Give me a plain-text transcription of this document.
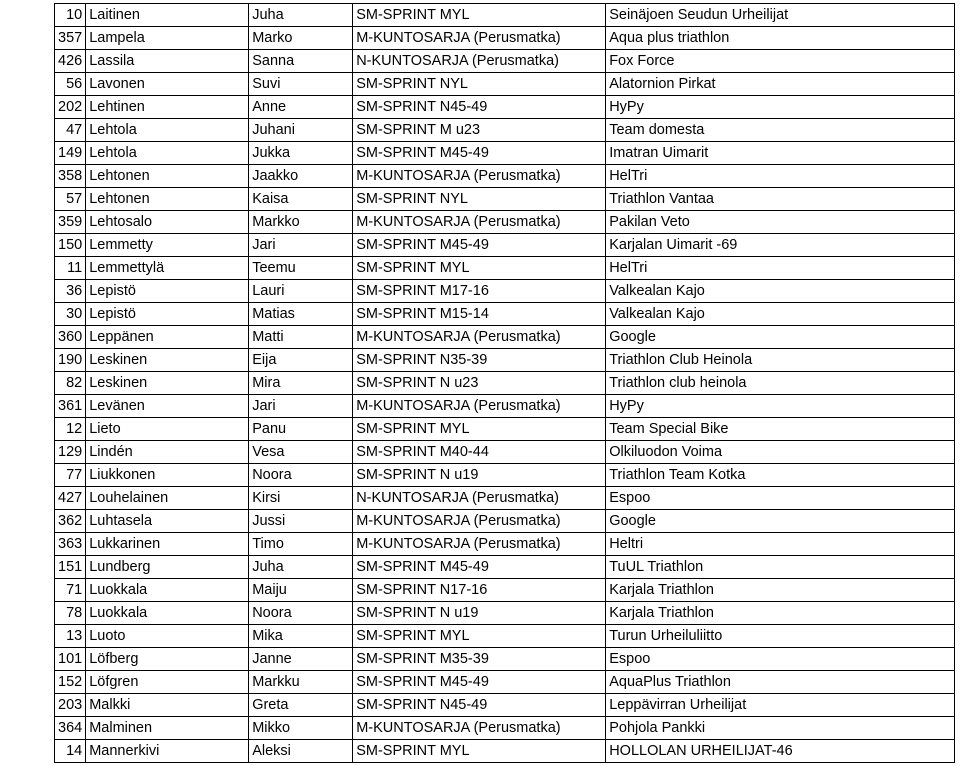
10	Laitinen	Juha	SM-SPRINT MYL	Seinäjoen Seudun Urheilijat
357	Lampela	Marko	M-KUNTOSARJA (Perusmatka)	Aqua plus triathlon
426	Lassila	Sanna	N-KUNTOSARJA (Perusmatka)	Fox Force
56	Lavonen	Suvi	SM-SPRINT NYL	Alatornion Pirkat
202	Lehtinen	Anne	SM-SPRINT N45-49	HyPy
47	Lehtola	Juhani	SM-SPRINT M u23	Team domesta
149	Lehtola	Jukka	SM-SPRINT M45-49	Imatran Uimarit
358	Lehtonen	Jaakko	M-KUNTOSARJA (Perusmatka)	HelTri
57	Lehtonen	Kaisa	SM-SPRINT NYL	Triathlon Vantaa
359	Lehtosalo	Markko	M-KUNTOSARJA (Perusmatka)	Pakilan Veto
150	Lemmetty	Jari	SM-SPRINT M45-49	Karjalan Uimarit -69
11	Lemmettylä	Teemu	SM-SPRINT MYL	HelTri
36	Lepistö	Lauri	SM-SPRINT M17-16	Valkealan Kajo
30	Lepistö	Matias	SM-SPRINT M15-14	Valkealan Kajo
360	Leppänen	Matti	M-KUNTOSARJA (Perusmatka)	Google
190	Leskinen	Eija	SM-SPRINT N35-39	Triathlon Club Heinola
82	Leskinen	Mira	SM-SPRINT N u23	Triathlon club heinola
361	Levänen	Jari	M-KUNTOSARJA (Perusmatka)	HyPy
12	Lieto	Panu	SM-SPRINT MYL	Team Special Bike
129	Lindén	Vesa	SM-SPRINT M40-44	Olkiluodon Voima
77	Liukkonen	Noora	SM-SPRINT N u19	Triathlon Team Kotka
427	Louhelainen	Kirsi	N-KUNTOSARJA (Perusmatka)	Espoo
362	Luhtasela	Jussi	M-KUNTOSARJA (Perusmatka)	Google
363	Lukkarinen	Timo	M-KUNTOSARJA (Perusmatka)	Heltri
151	Lundberg	Juha	SM-SPRINT M45-49	TuUL Triathlon
71	Luokkala	Maiju	SM-SPRINT N17-16	Karjala Triathlon
78	Luokkala	Noora	SM-SPRINT N u19	Karjala Triathlon
13	Luoto	Mika	SM-SPRINT MYL	Turun Urheiluliitto
101	Löfberg	Janne	SM-SPRINT M35-39	Espoo
152	Löfgren	Markku	SM-SPRINT M45-49	AquaPlus Triathlon
203	Malkki	Greta	SM-SPRINT N45-49	Leppävirran Urheilijat
364	Malminen	Mikko	M-KUNTOSARJA (Perusmatka)	Pohjola Pankki
14	Mannerkivi	Aleksi	SM-SPRINT MYL	HOLLOLAN URHEILIJAT-46
